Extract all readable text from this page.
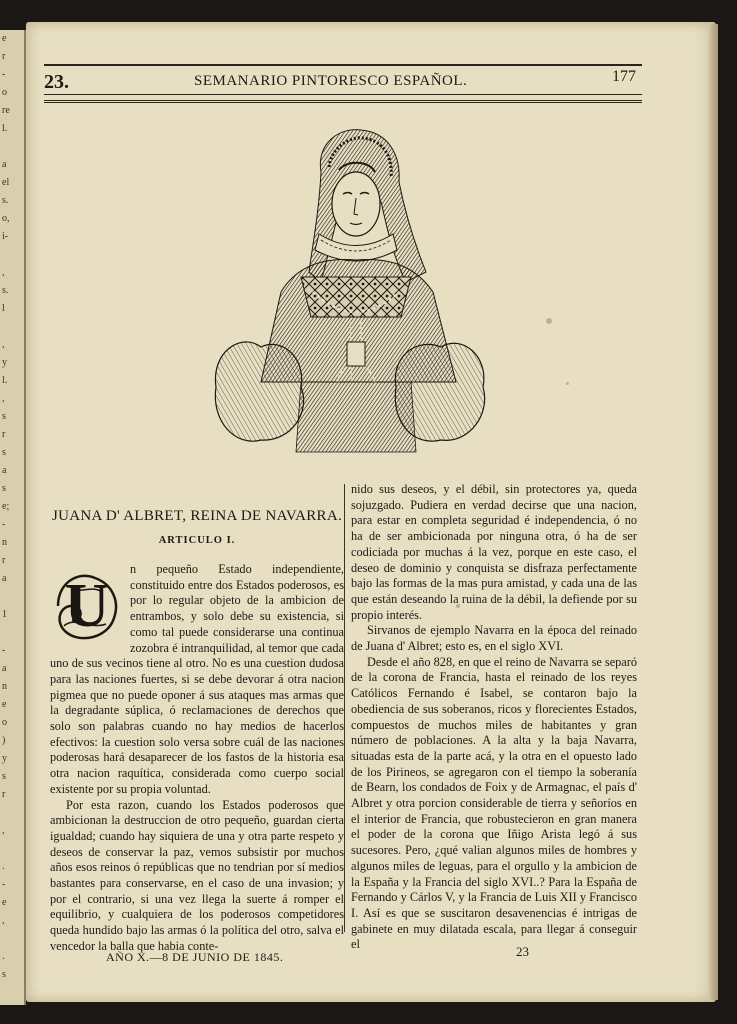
e
r
-
o
re
l.

a
el
s.
o,
i-

,
s.
l

,
y
l.
,
s
r
s
a
s
e;
-
n
r
a

1

-
a
n
e
o
)
y
s
r

,

.
-
e
,

.
s
23.	SEMANARIO PINTORESCO ESPAÑOL.	177
JUANA D' ALBRET, REINA DE NAVARRA.
ARTICULO I.
U

n pequeño Estado independiente, constituido entre dos Estados poderosos, es por lo regular objeto de la ambicion de entrambos, y solo debe su existencia, si como tal puede considerarse una continua zozobra é intranquilidad, al temor que cada uno de sus vecinos tiene al otro. No es una cuestion dudosa para las naciones fuertes, si se debe devorar á otra nacion pigmea que no puede oponer á sus ataques mas armas que la degradante súplica, ó reclamaciones de derechos que solo son palabras cuando no hay medios de hacerlos efectivos: la cuestion solo versa sobre cuál de las naciones poderosas hará desaparecer de los fastos de la historia esa otra nacion raquítica, considerada como cuerpo social existente por su propia voluntad.

Por esta razon, cuando los Estados poderosos que ambicionan la destruccion de otro pequeño, guardan cierta igualdad; cuando hay siquiera de una y otra parte respeto y deseos de conservar la paz, vemos subsistir por muchos años esos reinos ó repúblicas que no tendrian por sí medios bastantes para conservarse, en el caso de una invasion; y por el contrario, si una vez llega la suerte á romper el equilibrio, y cualquiera de los poderosos competidores queda hundido bajo las armas ó la política del otro, salva el vencedor la balla que habia conte-

nido sus deseos, y el débil, sin protectores ya, queda sojuzgado. Pudiera en verdad decirse que una nacion, para estar en completa seguridad é independencia, ó no ha de ser ambicionada por ninguna otra, ó ha de ser codiciada por muchas á la vez, porque en este caso, el deseo de dominio y conquista se disfraza perfectamente bajo las formas de la mas pura amistad, y cada una de las que están deseando la ruina de la débil, la defiende por su propio interés.

Sirvanos de ejemplo Navarra en la época del reinado de Juana d' Albret; esto es, en el siglo XVI.

Desde el año 828, en que el reino de Navarra se separó de la corona de Francia, hasta el reinado de los reyes Católicos Fernando é Isabel, se contaron bajo la obediencia de sus soberanos, ricos y florecientes Estados, compuestos de muchos miles de habitantes y gran número de poblaciones. A la alta y la baja Navarra, situadas esta de la parte acá, y la otra en el opuesto lado de los Pirineos, se agregaron con el tiempo la soberanía de Bearn, los condados de Foix y de Armagnac, el país d' Albret y otra porcion considerable de tierra y señoríos en el interior de Francia, que robustecieron en gran manera el poder de la corona que Iñigo Arista legó á sus sucesores. Pero, ¿qué valian algunos miles de hombres y algunos miles de leguas, para el orgullo y la ambicion de la España y la Francia del siglo XVI..? Para la España de Fernando y Cárlos V, y la Francia de Luis XII y Francisco I. Así es que se suscitaron desavenencias é intrigas de gabinete en muy dilatada escala, para llegar á conseguir el

AÑO X.—8 DE JUNIO DE 1845.	23
